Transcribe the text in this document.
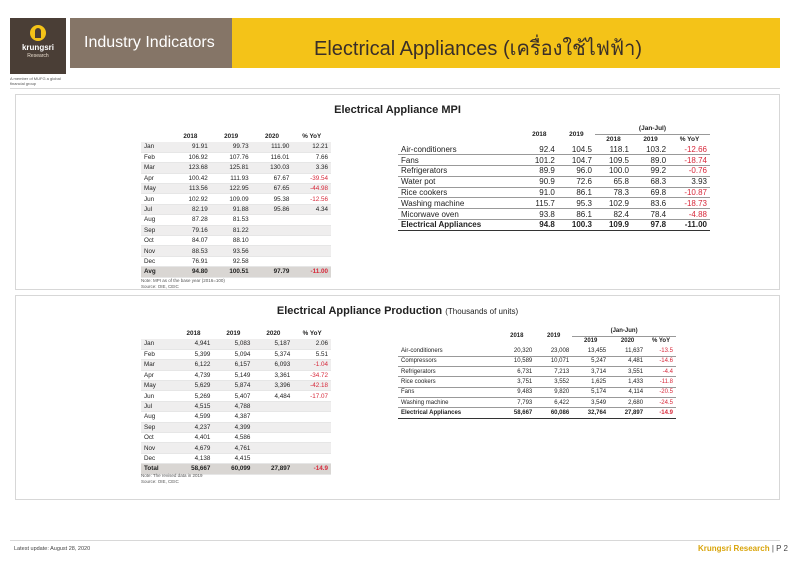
krungsri
Research
A member of MUFG a global financial group
Industry Indicators	Electrical Appliances (เครื่องใช้ไฟฟ้า)
Electrical Appliance MPI
	2018	2019	2020	% YoY
Jan	91.91	99.73	111.90	12.21
Feb	106.92	107.76	116.01	7.66
Mar	123.68	125.81	130.03	3.36
Apr	100.42	111.93	67.67	-39.54
May	113.56	122.95	67.65	-44.98
Jun	102.92	109.09	95.38	-12.56
Jul	82.19	91.88	95.86	4.34
Aug	87.28	81.53		
Sep	79.16	81.22		
Oct	84.07	88.10		
Nov	88.53	93.56		
Dec	76.91	92.58		
Avg	94.80	100.51	97.79	-11.00
Note: MPI as of the base year (2016=100)
Source: OIE, CEIC
	2018	2019	(Jan-Jul)		
			2018	2019	% YoY
Air-conditioners	92.4	104.5	118.1	103.2	-12.66
Fans	101.2	104.7	109.5	89.0	-18.74
Refrigerators	89.9	96.0	100.0	99.2	-0.76
Water pot	90.9	72.6	65.8	68.3	3.93
Rice cookers	91.0	86.1	78.3	69.8	-10.87
Washing machine	115.7	95.3	102.9	83.6	-18.73
Micorwave oven	93.8	86.1	82.4	78.4	-4.88
Electrical Appliances	94.8	100.3	109.9	97.8	-11.00
Electrical Appliance Production (Thousands of units)
	2018	2019	2020	% YoY
Jan	4,941	5,083	5,187	2.06
Feb	5,399	5,094	5,374	5.51
Mar	6,122	6,157	6,093	-1.04
Apr	4,739	5,149	3,361	-34.72
May	5,629	5,874	3,396	-42.18
Jun	5,269	5,407	4,484	-17.07
Jul	4,515	4,788		
Aug	4,599	4,387		
Sep	4,237	4,399		
Oct	4,401	4,586		
Nov	4,679	4,761		
Dec	4,138	4,415		
Total	58,667	60,099	27,897	-14.9
Note: The revised data in 2019
Source: OIE, CEIC
	2018	2019	(Jan-Jun)		
			2019	2020	% YoY
Air-conditioners	20,320	23,008	13,455	11,637	-13.5
Compressors	10,589	10,071	5,247	4,481	-14.6
Refrigerators	6,731	7,213	3,714	3,551	-4.4
Rice cookers	3,751	3,552	1,625	1,433	-11.8
Fans	9,483	9,820	5,174	4,114	-20.5
Washing machine	7,793	6,422	3,549	2,680	-24.5
Electrical Appliances	58,667	60,086	32,764	27,897	-14.9
Latest update: August 28, 2020	Krungsri Research | P 2
